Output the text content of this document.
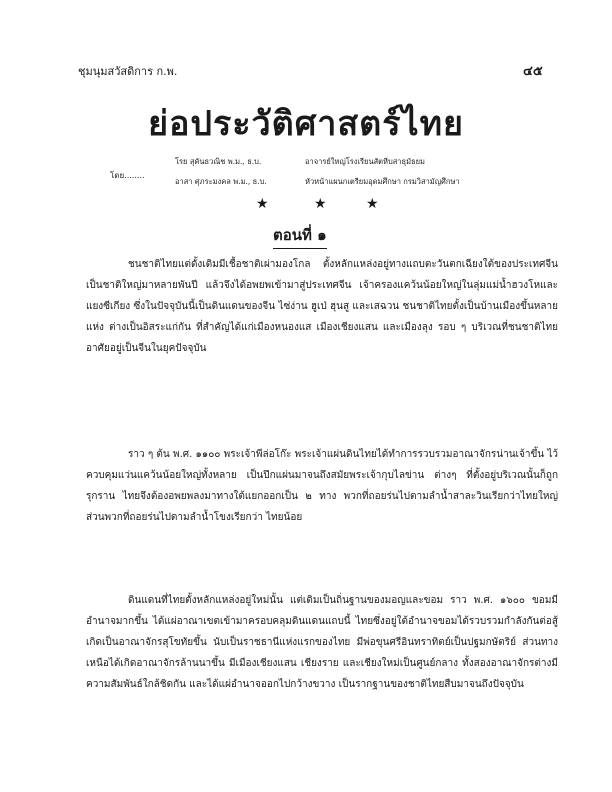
ชุมนุมสวัสดิการ ก.พ.	๔๕
ย่อประวัติศาสตร์ไทย
โดย........
โรย สุคันธวณิช พ.ม., ธ.บ.	อาจารย์ใหญ่โรงเรียนสัตหีบสาธุมัธยม
อาสา ศุภระมงคล พ.ม., ธ.บ.	หัวหน้าแผนกเตรียมอุดมศึกษา กรมวิสามัญศึกษา
★	★	★
ตอนที่ ๑

ชนชาติไทยแต่ดั้งเดิมมีเชื้อชาติเผ่ามองโกล ตั้งหลักแหล่งอยู่ทางแถบตะวันตกเฉียงใต้ของประเทศจีน เป็นชาติใหญ่มาหลายพันปี แล้วจึงได้อพยพเข้ามาสู่ประเทศจีน เจ้าครองแคว้นน้อยใหญ่ในลุ่มแม่น้ำฮวงโหและแยงซีเกียง ซึ่งในปัจจุบันนี้เป็นดินแดนของจีน ไซ่ง่าน ฮูเป่ ฮุนสู และเสฉวน ชนชาติไทยตั้งเป็นบ้านเมืองขึ้นหลายแห่ง ต่างเป็นอิสระแก่กัน ที่สำคัญได้แก่เมืองหนองแส เมืองเชียงแสน และเมืองลุง รอบ ๆ บริเวณที่ชนชาติไทยอาศัยอยู่เป็นจีนในยุคปัจจุบัน

ราว ๆ ต้น พ.ศ. ๑๑๐๐ พระเจ้าพีล่อโก๊ะ พระเจ้าแผ่นดินไทยได้ทำการรวบรวมอาณาจักรน่านเจ้าขึ้น ไว้ควบคุมแว่นแคว้นน้อยใหญ่ทั้งหลาย เป็นปึกแผ่นมาจนถึงสมัยพระเจ้ากุบไลข่าน ต่างๆ ที่ตั้งอยู่บริเวณนั้นก็ถูกรุกราน ไทยจึงต้องอพยพลงมาทางใต้แยกออกเป็น ๒ ทาง พวกที่ถอยร่นไปตามลำน้ำสาละวินเรียกว่าไทยใหญ่ ส่วนพวกที่ถอยร่นไปตามลำน้ำโขงเรียกว่า ไทยน้อย

ดินแดนที่ไทยตั้งหลักแหล่งอยู่ใหม่นั้น แต่เดิมเป็นถิ่นฐานของมอญและขอม ราว พ.ศ. ๑๖๐๐ ขอมมีอำนาจมากขึ้น ได้แผ่อาณาเขตเข้ามาครอบคลุมดินแดนแถบนี้ ไทยซึ่งอยู่ใต้อำนาจขอมได้รวบรวมกำลังกันต่อสู้ เกิดเป็นอาณาจักรสุโขทัยขึ้น นับเป็นราชธานีแห่งแรกของไทย มีพ่อขุนศรีอินทราทิตย์เป็นปฐมกษัตริย์ ส่วนทางเหนือได้เกิดอาณาจักรล้านนาขึ้น มีเมืองเชียงแสน เชียงราย และเชียงใหม่เป็นศูนย์กลาง ทั้งสองอาณาจักรต่างมีความสัมพันธ์ใกล้ชิดกัน และได้แผ่อำนาจออกไปกว้างขวาง เป็นรากฐานของชาติไทยสืบมาจนถึงปัจจุบัน
